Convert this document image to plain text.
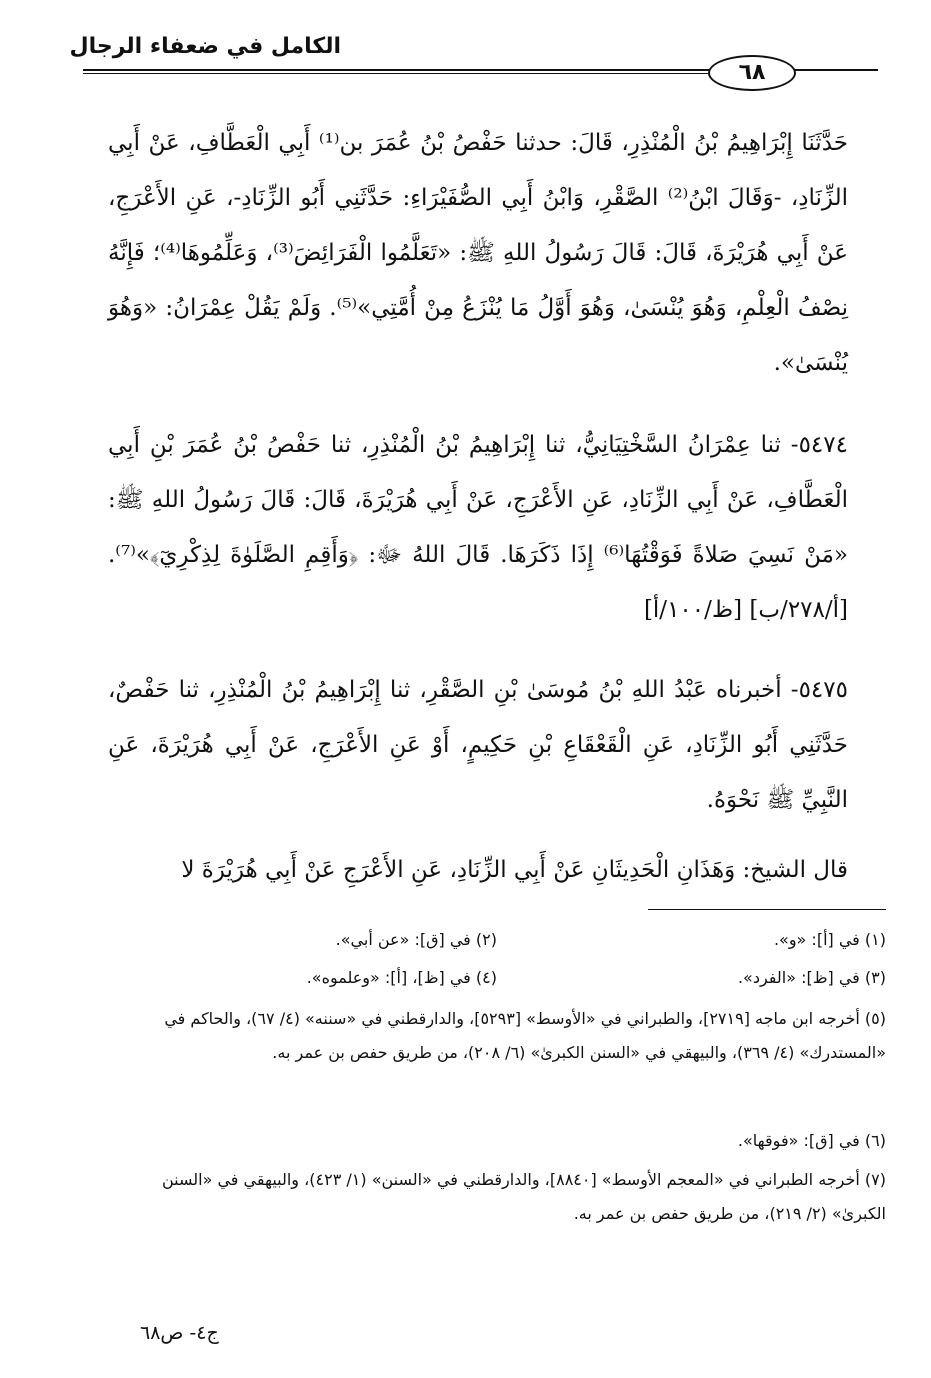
الكامل في ضعفاء الرجال
٦٨
حَدَّثَنَا إِبْرَاهِيمُ بْنُ الْمُنْذِرِ، قَالَ: حدثنا حَفْصُ بْنُ عُمَرَ بن⁽¹⁾ أَبِي الْعَطَّافِ، عَنْ أَبِي الزِّنَادِ، -وَقَالَ ابْنُ⁽²⁾ الصَّقْرِ، وَابْنُ أَبِي الصُّفَيْرَاءِ: حَدَّثَنِي أَبُو الزِّنَادِ-، عَنِ الأَعْرَجِ، عَنْ أَبِي هُرَيْرَةَ، قَالَ: قَالَ رَسُولُ اللهِ ﷺ: «تَعَلَّمُوا الْفَرَائِضَ⁽³⁾، وَعَلِّمُوهَا⁽⁴⁾؛ فَإِنَّهُ نِصْفُ الْعِلْمِ، وَهُوَ يُنْسَىٰ، وَهُوَ أَوَّلُ مَا يُنْزَعُ مِنْ أُمَّتِي»⁽⁵⁾. وَلَمْ يَقُلْ عِمْرَانُ: «وَهُوَ يُنْسَىٰ».
٥٤٧٤- ثنا عِمْرَانُ السَّخْتِيَانِيُّ، ثنا إِبْرَاهِيمُ بْنُ الْمُنْذِرِ، ثنا حَفْصُ بْنُ عُمَرَ بْنِ أَبِي الْعَطَّافِ، عَنْ أَبِي الزِّنَادِ، عَنِ الأَعْرَجِ، عَنْ أَبِي هُرَيْرَةَ، قَالَ: قَالَ رَسُولُ اللهِ ﷺ: «مَنْ نَسِيَ صَلاةً فَوَقْتُهَا⁽⁶⁾ إِذَا ذَكَرَهَا. قَالَ اللهُ ﷻ: ﴿وَأَقِمِ الصَّلَوٰةَ لِذِكْرِيٓ﴾»⁽⁷⁾. [أ/٢٧٨/ب] [ظ/١٠٠/أ]
٥٤٧٥- أخبرناه عَبْدُ اللهِ بْنُ مُوسَىٰ بْنِ الصَّقْرِ، ثنا إِبْرَاهِيمُ بْنُ الْمُنْذِرِ، ثنا حَفْصٌ، حَدَّثَنِي أَبُو الزِّنَادِ، عَنِ الْقَعْقَاعِ بْنِ حَكِيمٍ، أَوْ عَنِ الأَعْرَجِ، عَنْ أَبِي هُرَيْرَةَ، عَنِ النَّبِيِّ ﷺ نَحْوَهُ.
قال الشيخ: وَهَذَانِ الْحَدِيثَانِ عَنْ أَبِي الزِّنَادِ، عَنِ الأَعْرَجِ عَنْ أَبِي هُرَيْرَةَ لا
(١) في [أ]: «و».
(٢) في [ق]: «عن أبي».
(٣) في [ظ]: «الفرد».
(٤) في [ظ]، [أ]: «وعلموه».
(٥) أخرجه ابن ماجه [٢٧١٩]، والطبراني في «الأوسط» [٥٢٩٣]، والدارقطني في «سننه» (٤/ ٦٧)، والحاكم في «المستدرك» (٤/ ٣٦٩)، والبيهقي في «السنن الكبرىٰ» (٦/ ٢٠٨)، من طريق حفص بن عمر به.
(٦) في [ق]: «فوقها».
(٧) أخرجه الطبراني في «المعجم الأوسط» [٨٨٤٠]، والدارقطني في «السنن» (١/ ٤٢٣)، والبيهقي في «السنن الكبرىٰ» (٢/ ٢١٩)، من طريق حفص بن عمر به.
ج٤- ص٦٨
